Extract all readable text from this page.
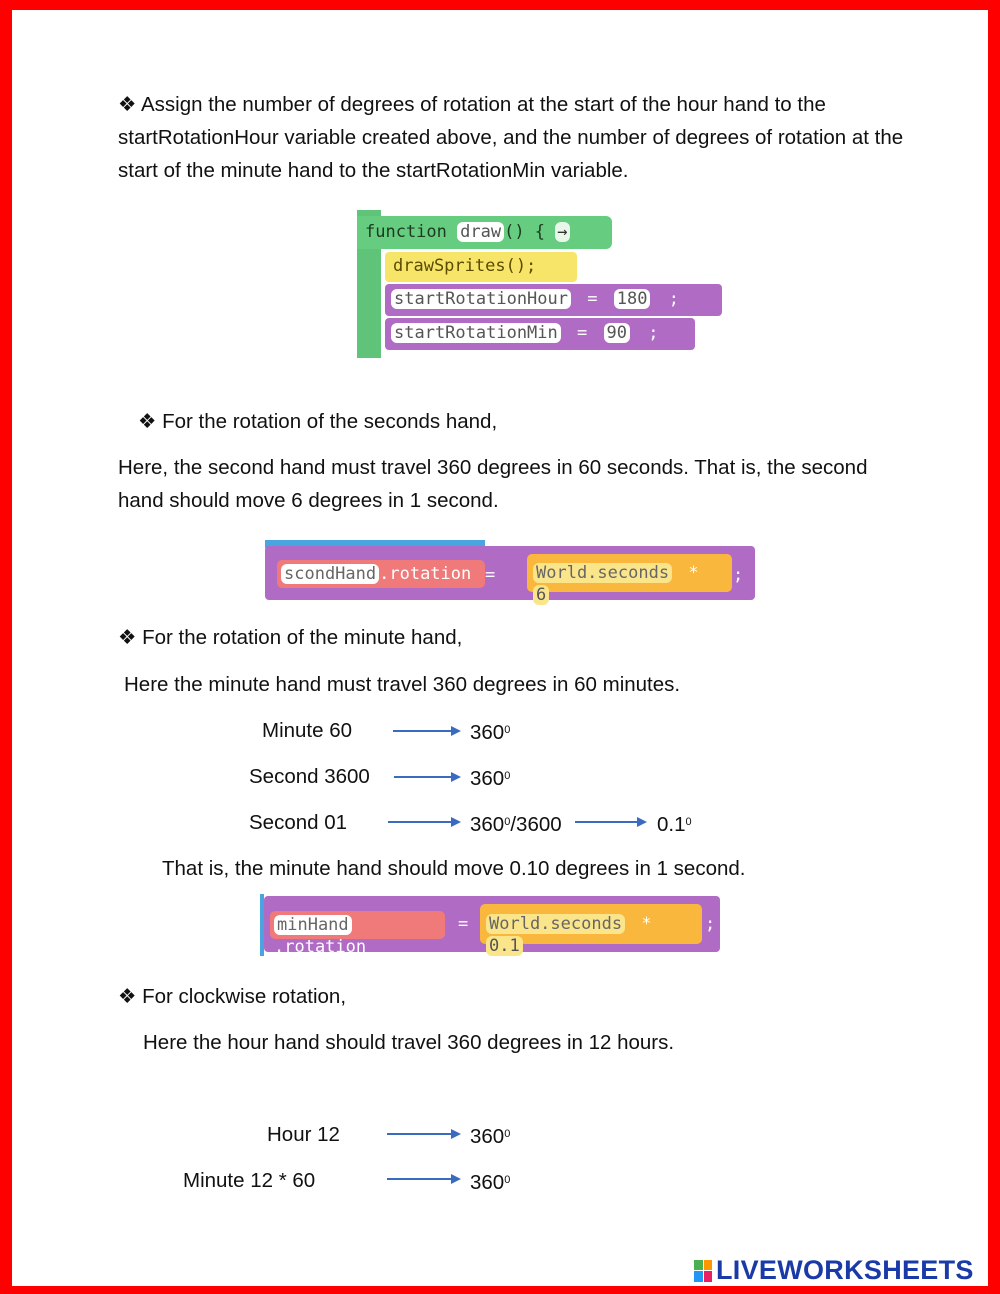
❖ Assign the number of degrees of rotation at the start of the hour hand to the startRotationHour variable created above, and the number of degrees of rotation at the start of the minute hand to the startRotationMin variable.
function draw () { →
drawSprites();
startRotationHour = 180 ;
startRotationMin = 90 ;
❖ For the rotation of the seconds hand,
Here, the second hand must travel 360 degrees in 60 seconds. That is, the second hand should move 6 degrees in 1 second.
scondHand .rotation =	World.seconds * 6
;
❖ For the rotation of the minute hand,
Here the minute hand must travel 360 degrees in 60 minutes.
Minute 60	$360^0$
Second 3600	$360^0$
Second 01	$360^0/3600$	$0.1^0$
That is, the minute hand should move 0.10 degrees in 1 second.
minHand.rotation
=	World.seconds * 0.1
;
❖ For clockwise rotation,
Here the hour hand should travel 360 degrees in 12 hours.
Hour 12	$360^0$
Minute 12 * 60	$360^0$
LIVEWORKSHEETS
